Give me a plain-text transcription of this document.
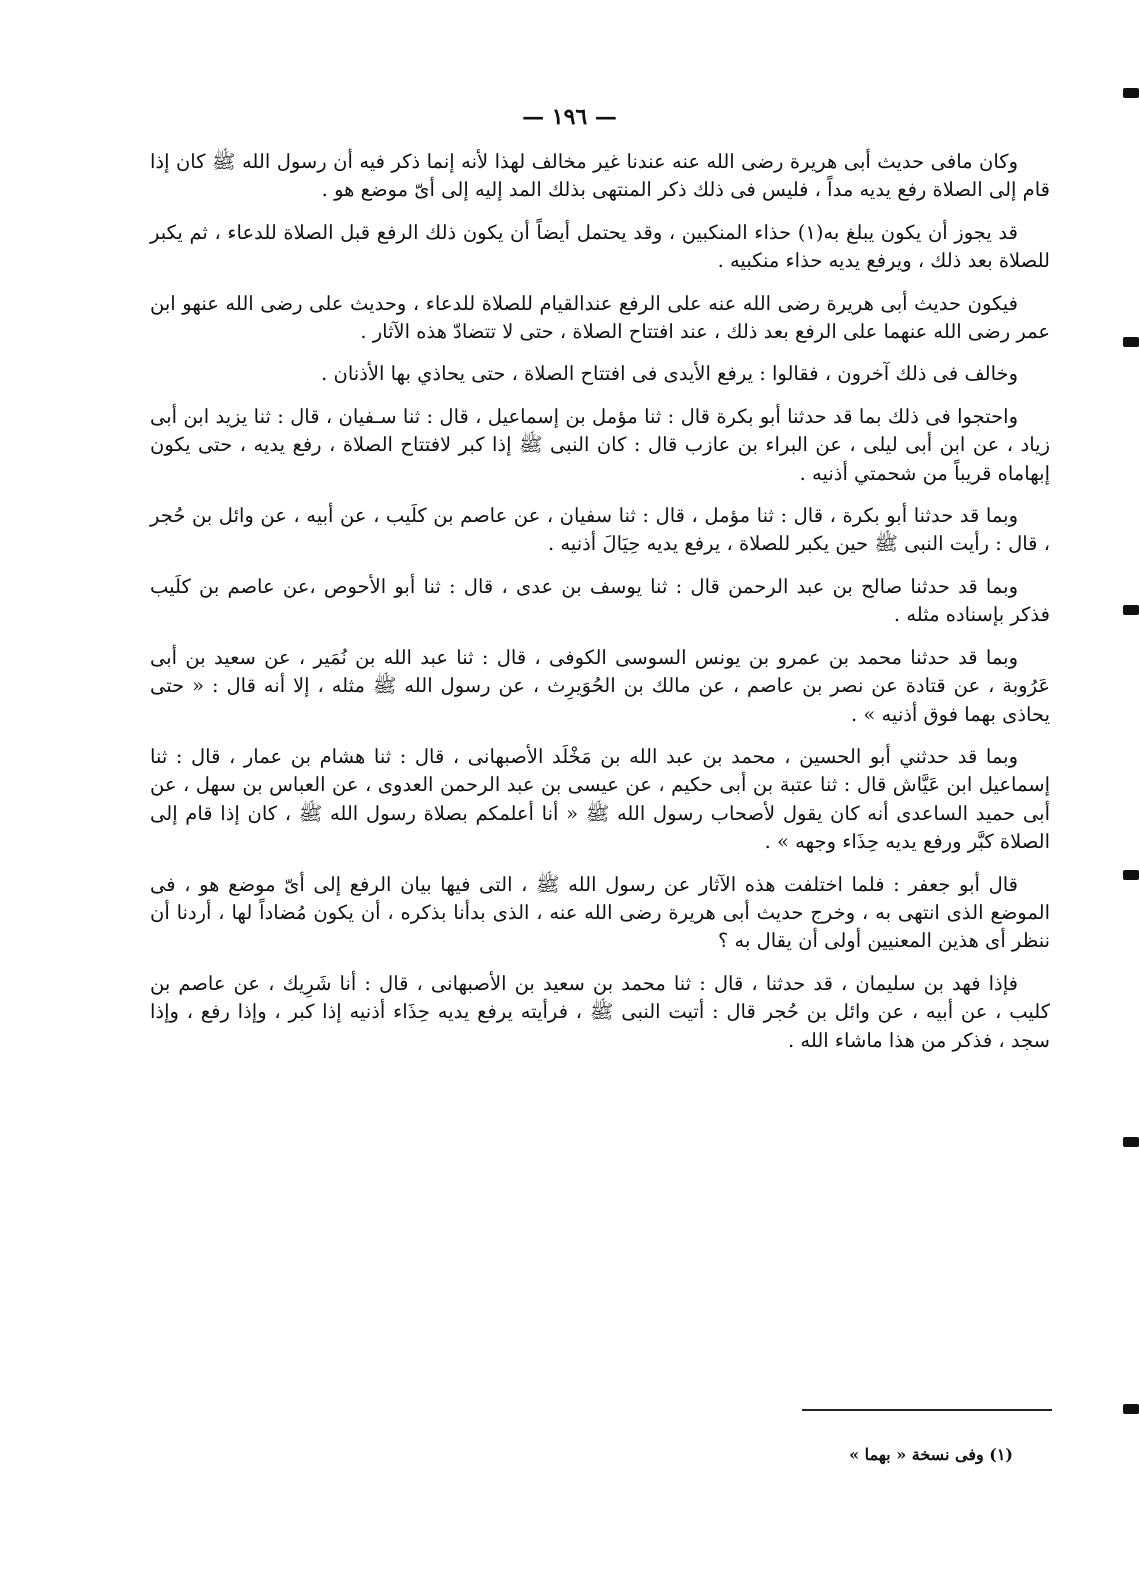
— ١٩٦ —

وكان مافى حديث أبى هريرة رضى الله عنه عندنا غير مخالف لهذا لأنه إنما ذكر فيه أن رسول الله ﷺ كان إذا قام إلى الصلاة رفع يديه مداً ، فليس فى ذلك ذكر المنتهى بذلك المد إليه إلى أىّ موضع هو .

قد يجوز أن يكون يبلغ به(١) حذاء المنكبين ، وقد يحتمل أيضاً أن يكون ذلك الرفع قبل الصلاة للدعاء ، ثم يكبر للصلاة بعد ذلك ، ويرفع يديه حذاء منكبيه .

فيكون حديث أبى هريرة رضى الله عنه على الرفع عندالقيام للصلاة للدعاء ، وحديث على رضى الله عنهو ابن عمر رضى الله عنهما على الرفع بعد ذلك ، عند افتتاح الصلاة ، حتى لا تتضادّ هذه الآثار .

وخالف فى ذلك آخرون ، فقالوا : يرفع الأيدى فى افتتاح الصلاة ، حتى يحاذي بها الأذنان .

واحتجوا فى ذلك بما قد حدثنا أبو بكرة قال : ثنا مؤمل بن إسماعيل ، قال : ثنا سـفيان ، قال : ثنا يزيد ابن أبى زياد ، عن ابن أبى ليلى ، عن البراء بن عازب قال : كان النبى ﷺ إذا كبر لافتتاح الصلاة ، رفع يديه ، حتى يكون إبهاماه قريباً من شحمتي أذنيه .

وبما قد حدثنا أبو بكرة ، قال : ثنا مؤمل ، قال : ثنا سفيان ، عن عاصم بن كلَيب ، عن أبيه ، عن وائل بن حُجر ، قال : رأيت النبى ﷺ حين يكبر للصلاة ، يرفع يديه حِيَالَ أذنيه .

وبما قد حدثنا صالح بن عبد الرحمن قال : ثنا يوسف بن عدى ، قال : ثنا أبو الأحوص ،عن عاصم بن كلَيب فذكر بإسناده مثله .

وبما قد حدثنا محمد بن عمرو بن يونس السوسى الكوفى ، قال : ثنا عبد الله بن نُمَير ، عن سعيد بن أبى عَرُوبة ، عن قتادة عن نصر بن عاصم ، عن مالك بن الحُوَيرِث ، عن رسول الله ﷺ مثله ، إلا أنه قال : « حتى يحاذى بهما فوق أذنيه » .

وبما قد حدثني أبو الحسين ، محمد بن عبد الله بن مَخْلَد الأصبهانى ، قال : ثنا هشام بن عمار ، قال : ثنا إسماعيل ابن عَيَّاش قال : ثنا عتبة بن أبى حكيم ، عن عيسى بن عبد الرحمن العدوى ، عن العباس بن سهل ، عن أبى حميد الساعدى أنه كان يقول لأصحاب رسول الله ﷺ « أنا أعلمكم بصلاة رسول الله ﷺ ، كان إذا قام إلى الصلاة كبَّر ورفع يديه حِذَاء وجهه » .

قال أبو جعفر : فلما اختلفت هذه الآثار عن رسول الله ﷺ ، التى فيها بيان الرفع إلى أىّ موضع هو ، فى الموضع الذى انتهى به ، وخرج حديث أبى هريرة رضى الله عنه ، الذى بدأنا بذكره ، أن يكون مُضاداً لها ، أردنا أن ننظر أى هذين المعنيين أولى أن يقال به ؟

فإذا فهد بن سليمان ، قد حدثنا ، قال : ثنا محمد بن سعيد بن الأصبهانى ، قال : أنا شَرِيك ، عن عاصم بن كليب ، عن أبيه ، عن وائل بن حُجر قال : أتيت النبى ﷺ ، فرأيته يرفع يديه حِذَاء أذنيه إذا كبر ، وإذا رفع ، وإذا سجد ، فذكر من هذا ماشاء الله .

(١) وفى نسخة « بهما »
